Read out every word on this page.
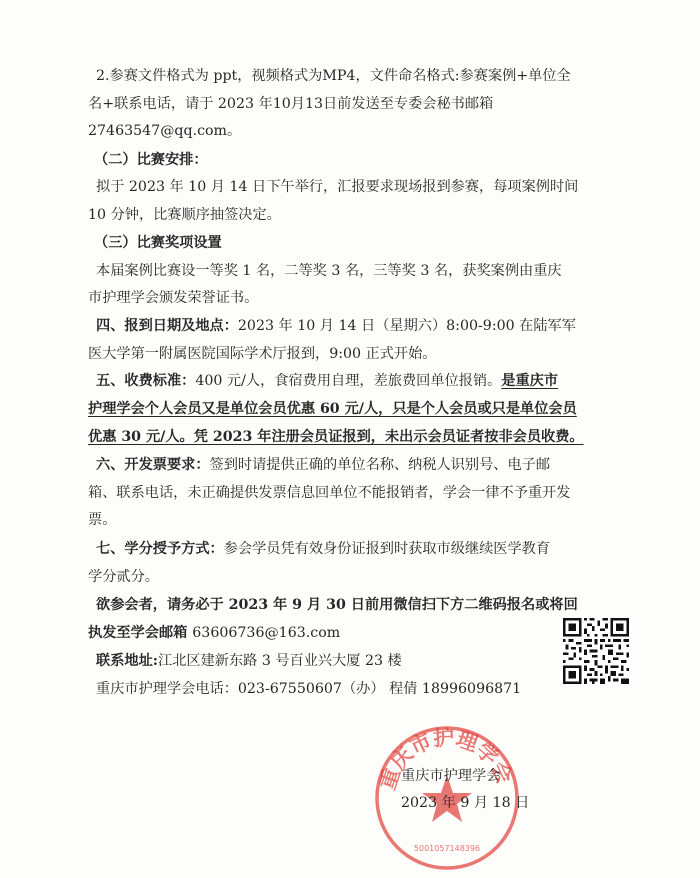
2.参赛文件格式为 ppt，视频格式为MP4，文件命名格式:参赛案例+单位全
名+联系电话，请于 2023 年10月13日前发送至专委会秘书邮箱
27463547@qq.com。
（二）比赛安排：
拟于 2023 年 10 月 14 日下午举行，汇报要求现场报到参赛，每项案例时间
10 分钟，比赛顺序抽签决定。
（三）比赛奖项设置
本届案例比赛设一等奖 1 名，二等奖 3 名，三等奖 3 名，获奖案例由重庆
市护理学会颁发荣誉证书。
四、报到日期及地点：2023 年 10 月 14 日（星期六）8:00-9:00 在陆军军
医大学第一附属医院国际学术厅报到，9:00 正式开始。
五、收费标准：400 元/人，食宿费用自理，差旅费回单位报销。是重庆市
护理学会个人会员又是单位会员优惠 60 元/人，只是个人会员或只是单位会员
优惠 30 元/人。凭 2023 年注册会员证报到，未出示会员证者按非会员收费。
六、开发票要求：签到时请提供正确的单位名称、纳税人识别号、电子邮
箱、联系电话，未正确提供发票信息回单位不能报销者，学会一律不予重开发
票。
七、学分授予方式：参会学员凭有效身份证报到时获取市级继续医学教育
学分贰分。
欲参会者，请务必于 2023 年 9 月 30 日前用微信扫下方二维码报名或将回
执发至学会邮箱 63606736@163.com
联系地址:江北区建新东路 3 号百业兴大厦 23 楼
重庆市护理学会电话：023-67550607（办） 程倩 18996096871
重庆市护理学会
5001057148396
重庆市护理学会
2023 年 9 月 18 日
